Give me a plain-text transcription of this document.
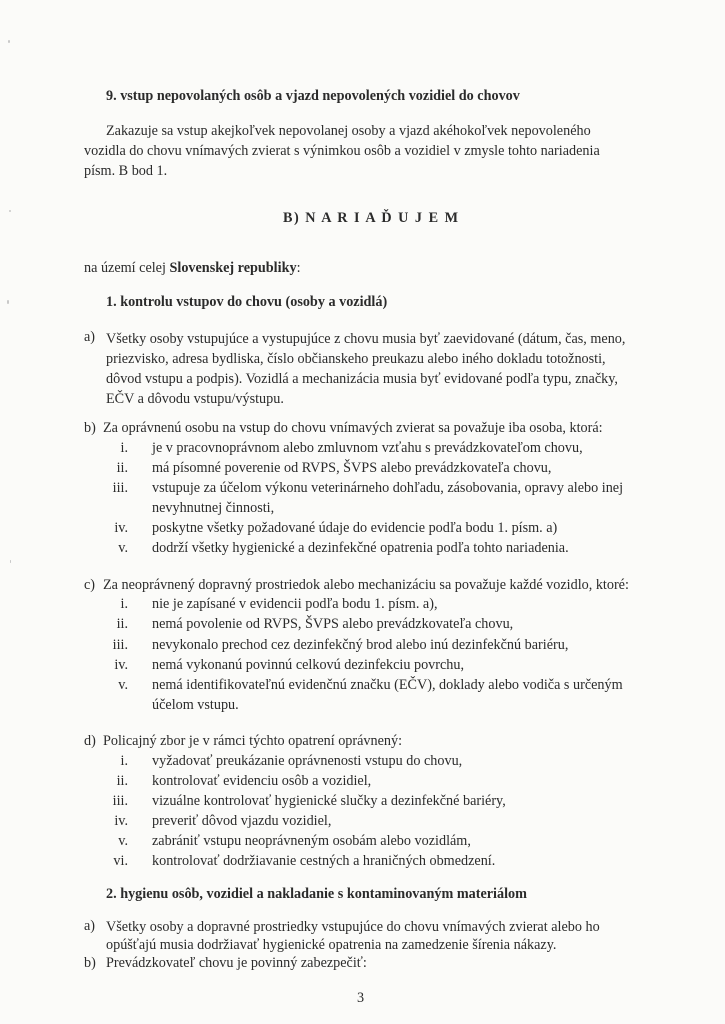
9. vstup nepovolaných osôb a vjazd nepovolených vozidiel do chovov
Zakazuje sa vstup akejkoľvek nepovolanej osoby a vjazd akéhokoľvek nepovoleného
vozidla do chovu vnímavých zvierat s výnimkou osôb a vozidiel v zmysle tohto nariadenia
písm. B bod 1.
B) N A R I A Ď U J E M
na území celej Slovenskej republiky:
1. kontrolu vstupov do chovu (osoby a vozidlá)
a) Všetky osoby vstupujúce a vystupujúce z chovu musia byť zaevidované (dátum, čas, meno,
priezvisko, adresa bydliska, číslo občianskeho preukazu alebo iného dokladu totožnosti,
dôvod vstupu a podpis). Vozidlá a mechanizácia musia byť evidované podľa typu, značky,
EČV a dôvodu vstupu/výstupu.
b) Za oprávnenú osobu na vstup do chovu vnímavých zvierat sa považuje iba osoba, ktorá:
i. je v pracovnoprávnom alebo zmluvnom vzťahu s prevádzkovateľom chovu,
ii. má písomné poverenie od RVPS, ŠVPS alebo prevádzkovateľa chovu,
iii. vstupuje za účelom výkonu veterinárneho dohľadu, zásobovania, opravy alebo inej
nevyhnutnej činnosti,
iv. poskytne všetky požadované údaje do evidencie podľa bodu 1. písm. a)
v. dodrží všetky hygienické a dezinfekčné opatrenia podľa tohto nariadenia.
c) Za neoprávnený dopravný prostriedok alebo mechanizáciu sa považuje každé vozidlo, ktoré:
i. nie je zapísané v evidencii podľa bodu 1. písm. a),
ii. nemá povolenie od RVPS, ŠVPS alebo prevádzkovateľa chovu,
iii. nevykonalo prechod cez dezinfekčný brod alebo inú dezinfekčnú bariéru,
iv. nemá vykonanú povinnú celkovú dezinfekciu povrchu,
v. nemá identifikovateľnú evidenčnú značku (EČV), doklady alebo vodiča s určeným
účelom vstupu.
d) Policajný zbor je v rámci týchto opatrení oprávnený:
i. vyžadovať preukázanie oprávnenosti vstupu do chovu,
ii. kontrolovať evidenciu osôb a vozidiel,
iii. vizuálne kontrolovať hygienické slučky a dezinfekčné bariéry,
iv. preveriť dôvod vjazdu vozidiel,
v. zabrániť vstupu neoprávneným osobám alebo vozidlám,
vi. kontrolovať dodržiavanie cestných a hraničných obmedzení.
2. hygienu osôb, vozidiel a nakladanie s kontaminovaným materiálom
a) Všetky osoby a dopravné prostriedky vstupujúce do chovu vnímavých zvierat alebo ho
opúšťajú musia dodržiavať hygienické opatrenia na zamedzenie šírenia nákazy.
b) Prevádzkovateľ chovu je povinný zabezpečiť:
3
